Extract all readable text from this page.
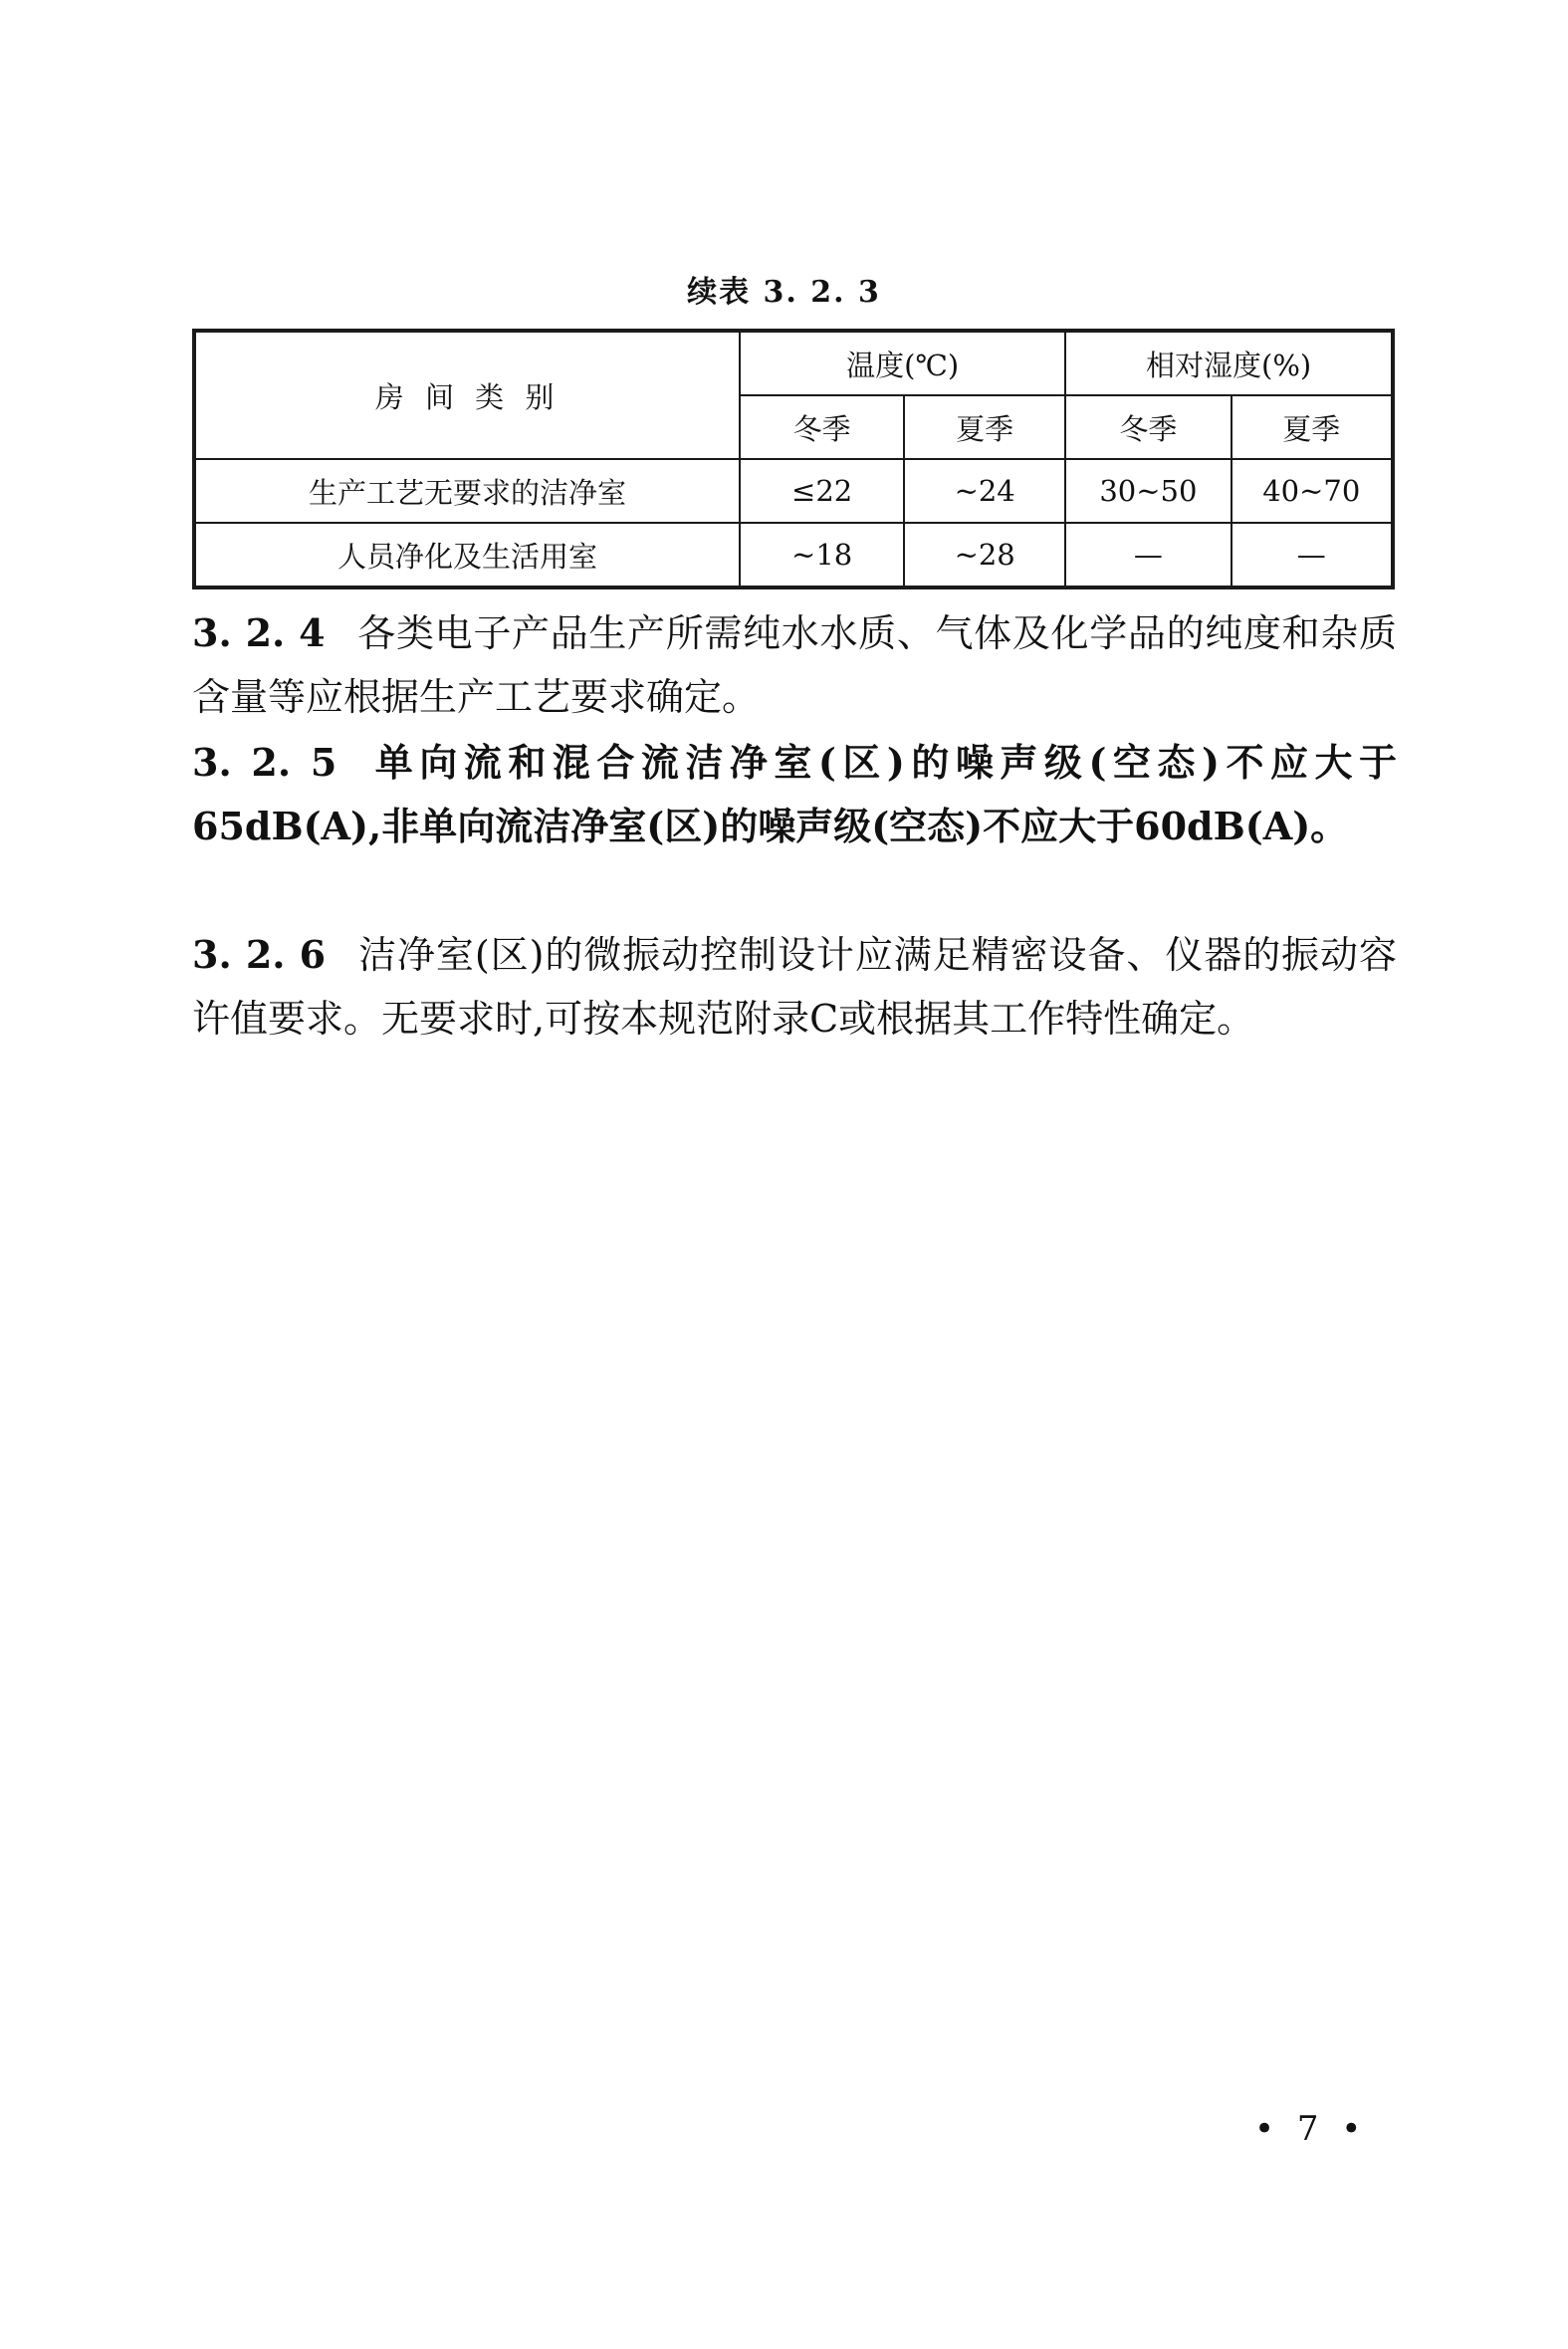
续表 3. 2. 3
房 间 类 别	温度(℃)		相对湿度(%)	
	冬季	夏季	冬季	夏季
生产工艺无要求的洁净室	≤22	~24	30~50	40~70
人员净化及生活用室	~18	~28	—	—
3. 2. 4 各类电子产品生产所需纯水水质、气体及化学品的纯度和杂质含量等应根据生产工艺要求确定。
3. 2. 5 单向流和混合流洁净室(区)的噪声级(空态)不应大于65dB(A),非单向流洁净室(区)的噪声级(空态)不应大于60dB(A)。
3. 2. 6 洁净室(区)的微振动控制设计应满足精密设备、仪器的振动容许值要求。无要求时,可按本规范附录C或根据其工作特性确定。
• 7 •
